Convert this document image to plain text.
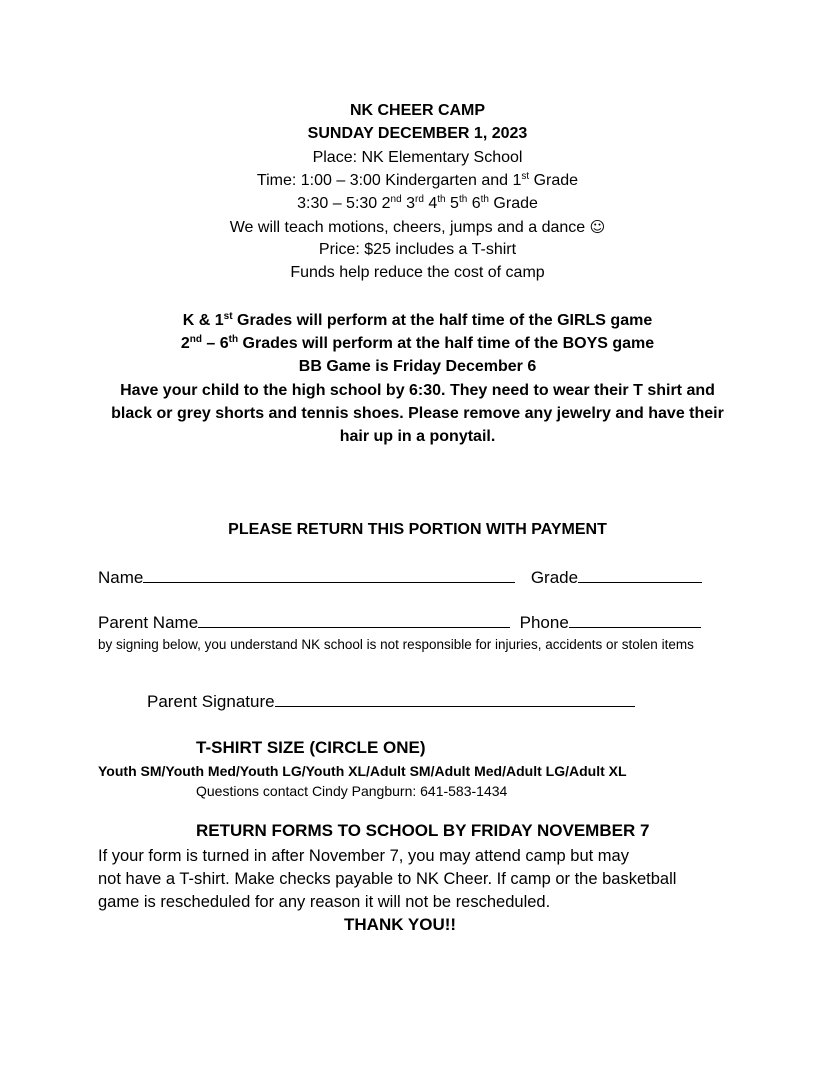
NK CHEER CAMP
SUNDAY DECEMBER 1, 2023
Place: NK Elementary School
Time: 1:00 – 3:00 Kindergarten and 1st Grade
3:30 – 5:30 2nd 3rd 4th 5th 6th Grade
We will teach motions, cheers, jumps and a dance ☺
Price: $25 includes a T-shirt
Funds help reduce the cost of camp
K & 1st Grades will perform at the half time of the GIRLS game
2nd – 6th Grades will perform at the half time of the BOYS game
BB Game is Friday December 6
Have your child to the high school by 6:30. They need to wear their T shirt and
black or grey shorts and tennis shoes. Please remove any jewelry and have their
hair up in a ponytail.
PLEASE RETURN THIS PORTION WITH PAYMENT
Name	Grade
Parent Name	Phone
by signing below, you understand NK school is not responsible for injuries, accidents or stolen items
Parent Signature
T-SHIRT SIZE (CIRCLE ONE)
Youth SM/Youth Med/Youth LG/Youth XL/Adult SM/Adult Med/Adult LG/Adult XL
Questions contact Cindy Pangburn: 641-583-1434
RETURN FORMS TO SCHOOL BY FRIDAY NOVEMBER 7
If your form is turned in after November 7, you may attend camp but may
not have a T-shirt. Make checks payable to NK Cheer. If camp or the basketball
game is rescheduled for any reason it will not be rescheduled.
THANK YOU!!
